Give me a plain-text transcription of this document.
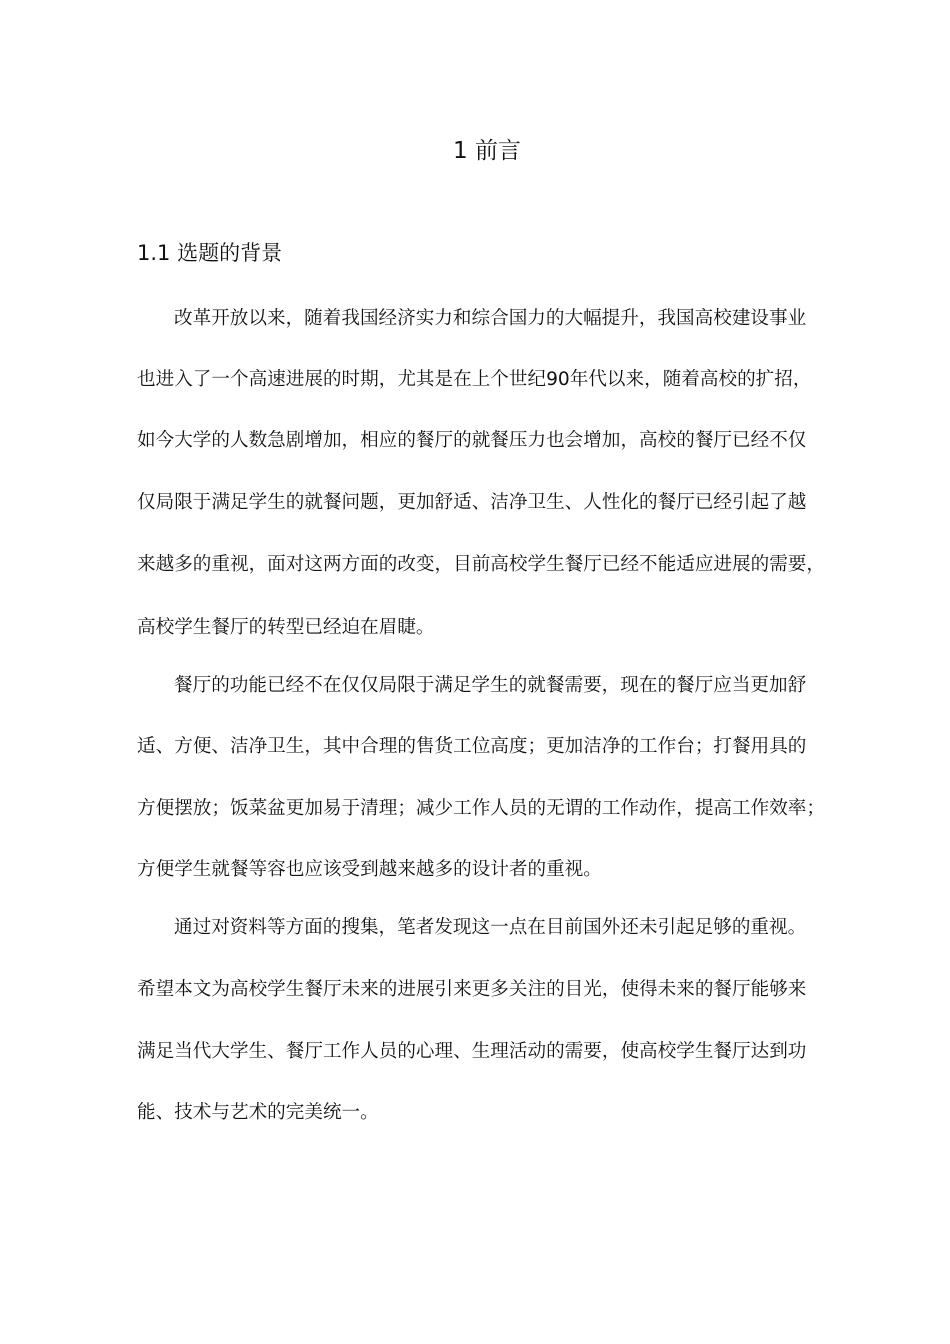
1 前言
1.1 选题的背景
改革开放以来，随着我国经济实力和综合国力的大幅提升，我国高校建设事业
也进入了一个高速进展的时期，尤其是在上个世纪90年代以来，随着高校的扩招，
如今大学的人数急剧增加，相应的餐厅的就餐压力也会增加，高校的餐厅已经不仅
仅局限于满足学生的就餐问题，更加舒适、洁净卫生、人性化的餐厅已经引起了越
来越多的重视，面对这两方面的改变，目前高校学生餐厅已经不能适应进展的需要，
高校学生餐厅的转型已经迫在眉睫。
餐厅的功能已经不在仅仅局限于满足学生的就餐需要，现在的餐厅应当更加舒
适、方便、洁净卫生，其中合理的售货工位高度；更加洁净的工作台；打餐用具的
方便摆放；饭菜盆更加易于清理；减少工作人员的无谓的工作动作，提高工作效率；
方便学生就餐等容也应该受到越来越多的设计者的重视。
通过对资料等方面的搜集，笔者发现这一点在目前国外还未引起足够的重视。
希望本文为高校学生餐厅未来的进展引来更多关注的目光，使得未来的餐厅能够来
满足当代大学生、餐厅工作人员的心理、生理活动的需要，使高校学生餐厅达到功
能、技术与艺术的完美统一。
